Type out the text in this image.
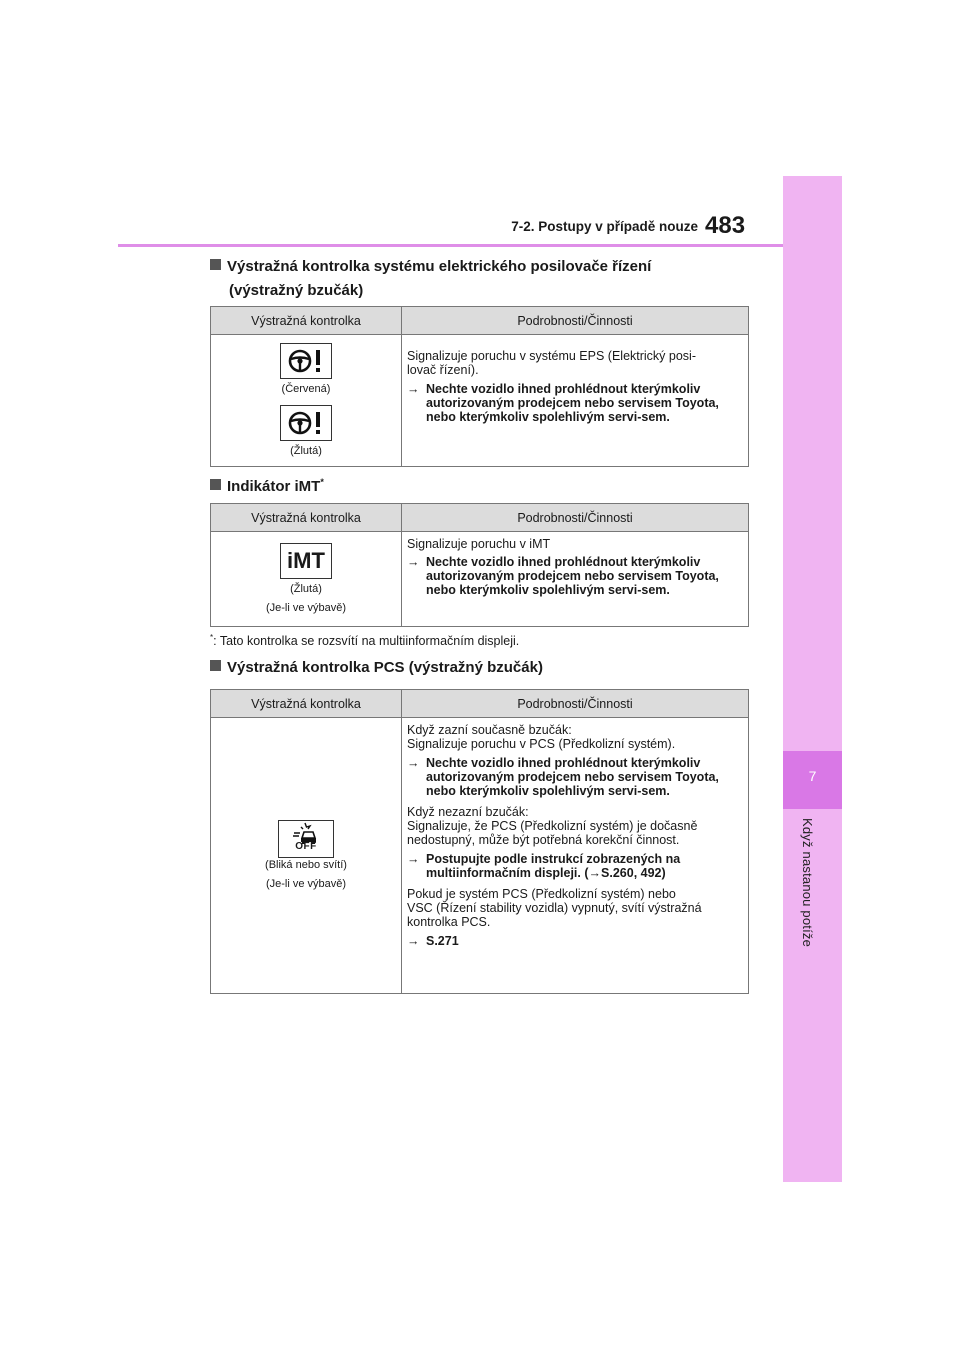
7
Když nastanou potíže
7-2. Postupy v případě nouze 483
Výstražná kontrolka systému elektrického posilovače řízení
(výstražný bzučák)
Výstražná kontrolka	Podrobnosti/Činnosti
(Červená)
(Žlutá)
Signalizuje poruchu v systému EPS (Elektrický posi-
lovač řízení).
→ Nechte vozidlo ihned prohlédnout kterýmkoliv autorizovaným prodejcem nebo servisem Toyota, nebo kterýmkoliv spolehlivým servi-sem.
Indikátor iMT*
Výstražná kontrolka	Podrobnosti/Činnosti
iMT
(Žlutá)
(Je-li ve výbavě)
Signalizuje poruchu v iMT
→ Nechte vozidlo ihned prohlédnout kterýmkoliv autorizovaným prodejcem nebo servisem Toyota, nebo kterýmkoliv spolehlivým servi-sem.
*: Tato kontrolka se rozsvítí na multiinformačním displeji.
Výstražná kontrolka PCS (výstražný bzučák)
Výstražná kontrolka	Podrobnosti/Činnosti
OFF
(Bliká nebo svítí)
(Je-li ve výbavě)
Když zazní současně bzučák:
Signalizuje poruchu v PCS (Předkolizní systém).
→ Nechte vozidlo ihned prohlédnout kterýmkoliv autorizovaným prodejcem nebo servisem Toyota, nebo kterýmkoliv spolehlivým servi-sem.
Když nezazní bzučák:
Signalizuje, že PCS (Předkolizní systém) je dočasně
nedostupný, může být potřebná korekční činnost.
→ Postupujte podle instrukcí zobrazených na multiinformačním displeji. (→S.260, 492)
Pokud je systém PCS (Předkolizní systém) nebo
VSC (Řízení stability vozidla) vypnutý, svítí výstražná
kontrolka PCS.
→ S.271
